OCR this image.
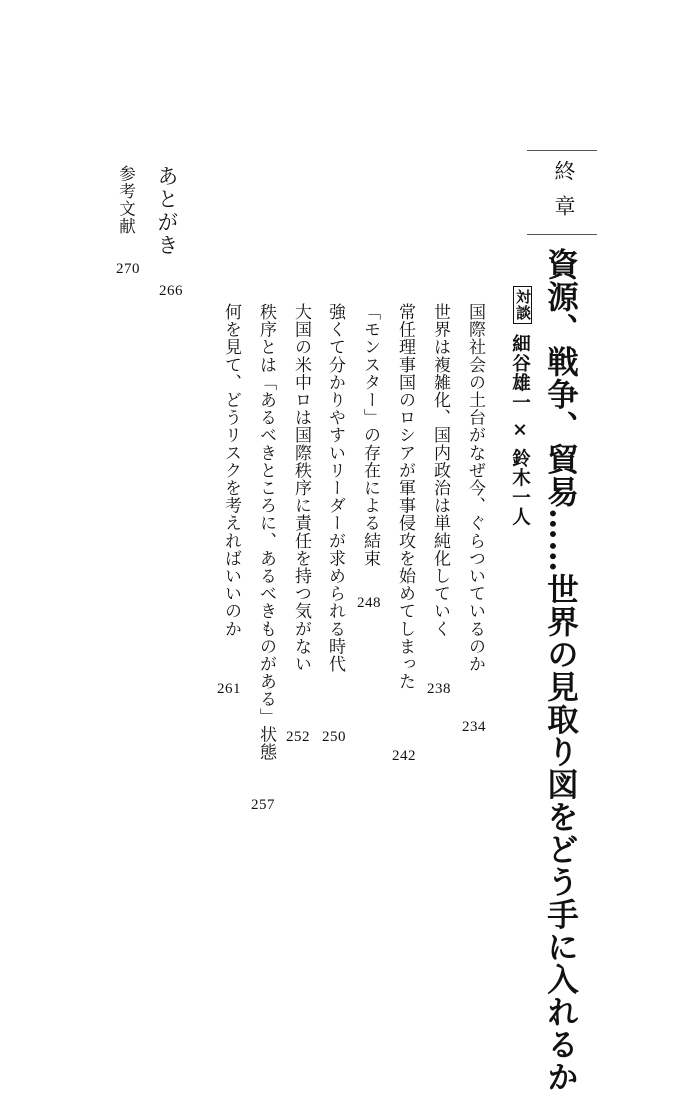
終章
資源、戦争、貿易……世界の見取り図をどう手に入れるか
対談
細谷雄一 × 鈴木一人
国際社会の土台がなぜ今、ぐらついているのか
234
世界は複雑化、国内政治は単純化していく
238
常任理事国のロシアが軍事侵攻を始めてしまった
242
「モンスター」の存在による結束
248
強くて分かりやすいリーダーが求められる時代
250
大国の米中ロは国際秩序に責任を持つ気がない
252
秩序とは「あるべきところに、あるべきものがある」状態
257
何を見て、どうリスクを考えればいいのか
261
あとがき
266
参考文献
270
